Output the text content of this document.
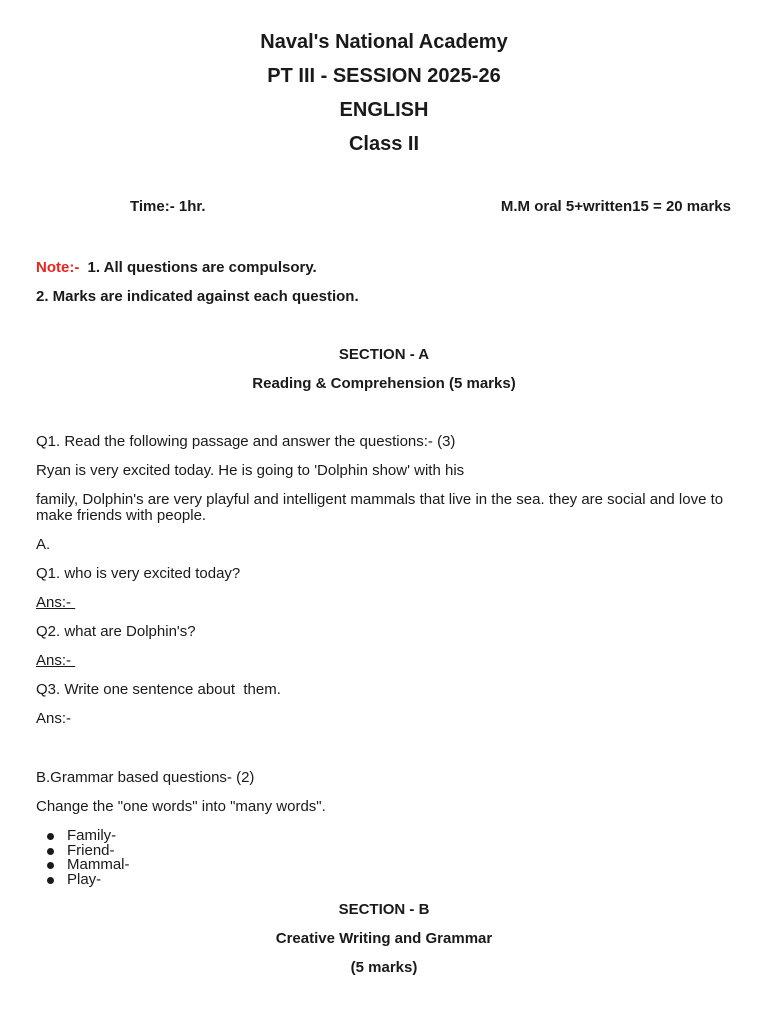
Naval's National Academy
PT III - SESSION 2025-26
ENGLISH
Class II
Time:- 1hr.	M.M oral 5+written15 = 20 marks
Note:- 1. All questions are compulsory.
2. Marks are indicated against each question.
SECTION - A
Reading & Comprehension (5 marks)
Q1. Read the following passage and answer the questions:- (3)
Ryan is very excited today. He is going to 'Dolphin show' with his
family, Dolphin's are very playful and intelligent mammals that live in the sea. they are social and love to make friends with people.
A.
Q1. who is very excited today?
Ans:-
Q2. what are Dolphin's?
Ans:-
Q3. Write one sentence about  them.
Ans:-
B.Grammar based questions- (2)
Change the "one words" into "many words".
Family-
Friend-
Mammal-
Play-
SECTION - B
Creative Writing and Grammar
(5 marks)
